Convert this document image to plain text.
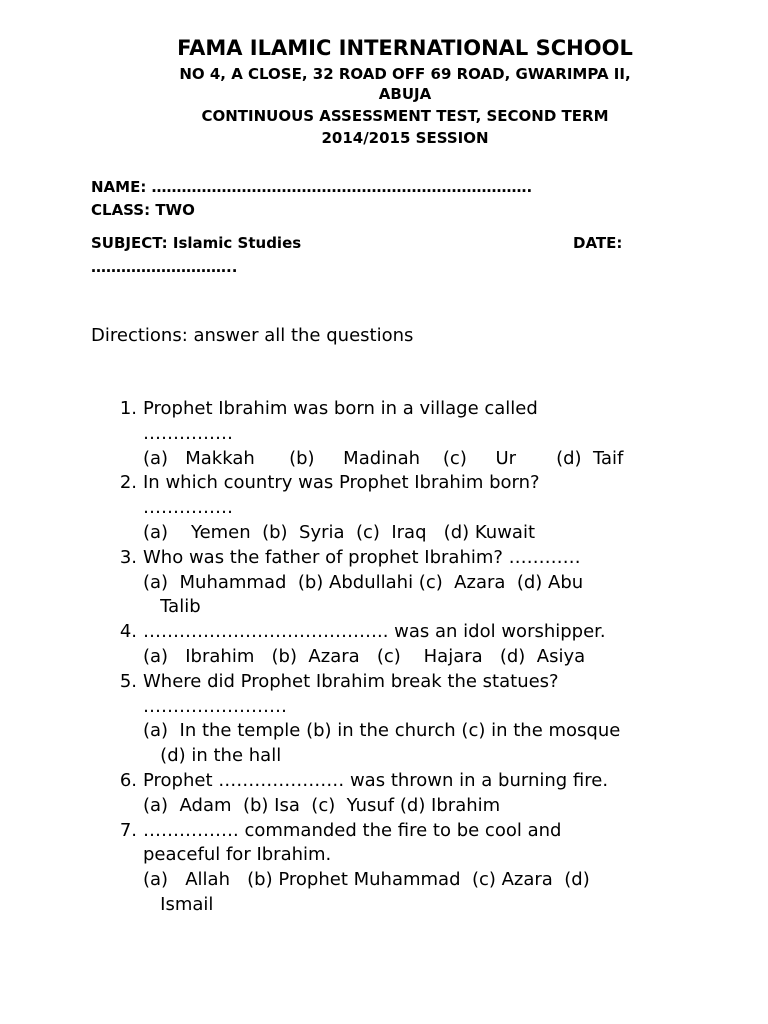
FAMA ILAMIC INTERNATIONAL SCHOOL
NO 4, A CLOSE, 32 ROAD OFF 69 ROAD, GWARIMPA II,
ABUJA
CONTINUOUS ASSESSMENT TEST, SECOND TERM
2014/2015 SESSION
NAME: ………………………………………………………………….
CLASS: TWO
SUBJECT: Islamic Studies	DATE:
………………………..
Directions: answer all the questions
1. Prophet Ibrahim was born in a village called
……………
(a)   Makkah      (b)     Madinah    (c)     Ur       (d)  Taif
2. In which country was Prophet Ibrahim born?
……………
(a)    Yemen  (b)  Syria  (c)  Iraq   (d) Kuwait
3. Who was the father of prophet Ibrahim? …………
(a)  Muhammad  (b) Abdullahi (c)  Azara  (d) Abu
Talib
4. ………………………………….. was an idol worshipper.
(a)   Ibrahim   (b)  Azara   (c)    Hajara   (d)  Asiya
5. Where did Prophet Ibrahim break the statues?
……………………
(a)  In the temple (b) in the church (c) in the mosque
(d) in the hall
6. Prophet ………………… was thrown in a burning fire.
(a)  Adam  (b) Isa  (c)  Yusuf (d) Ibrahim
7. ……………. commanded the fire to be cool and
peaceful for Ibrahim.
(a)   Allah   (b) Prophet Muhammad  (c) Azara  (d)
Ismail
